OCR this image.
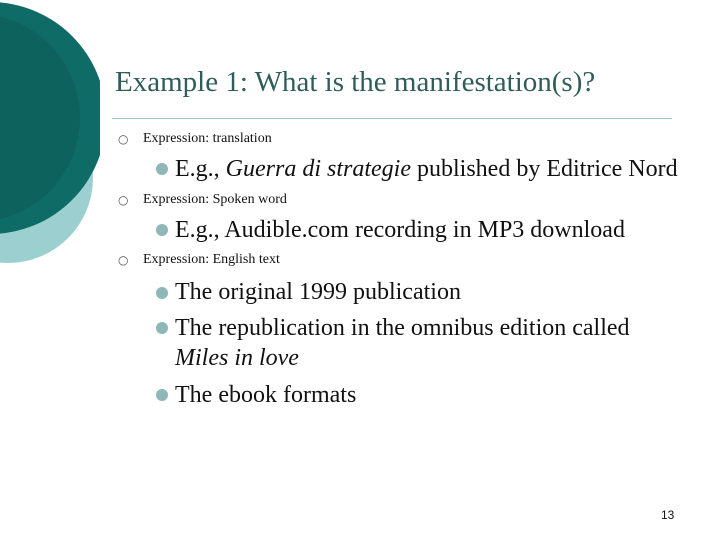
Example 1: What is the manifestation(s)?
○ Expression: translation
E.g., Guerra di strategie published by Editrice Nord
○ Expression: Spoken word
E.g., Audible.com recording in MP3 download
○ Expression: English text
The original 1999 publication
The republication in the omnibus edition called Miles in love
The ebook formats
13
